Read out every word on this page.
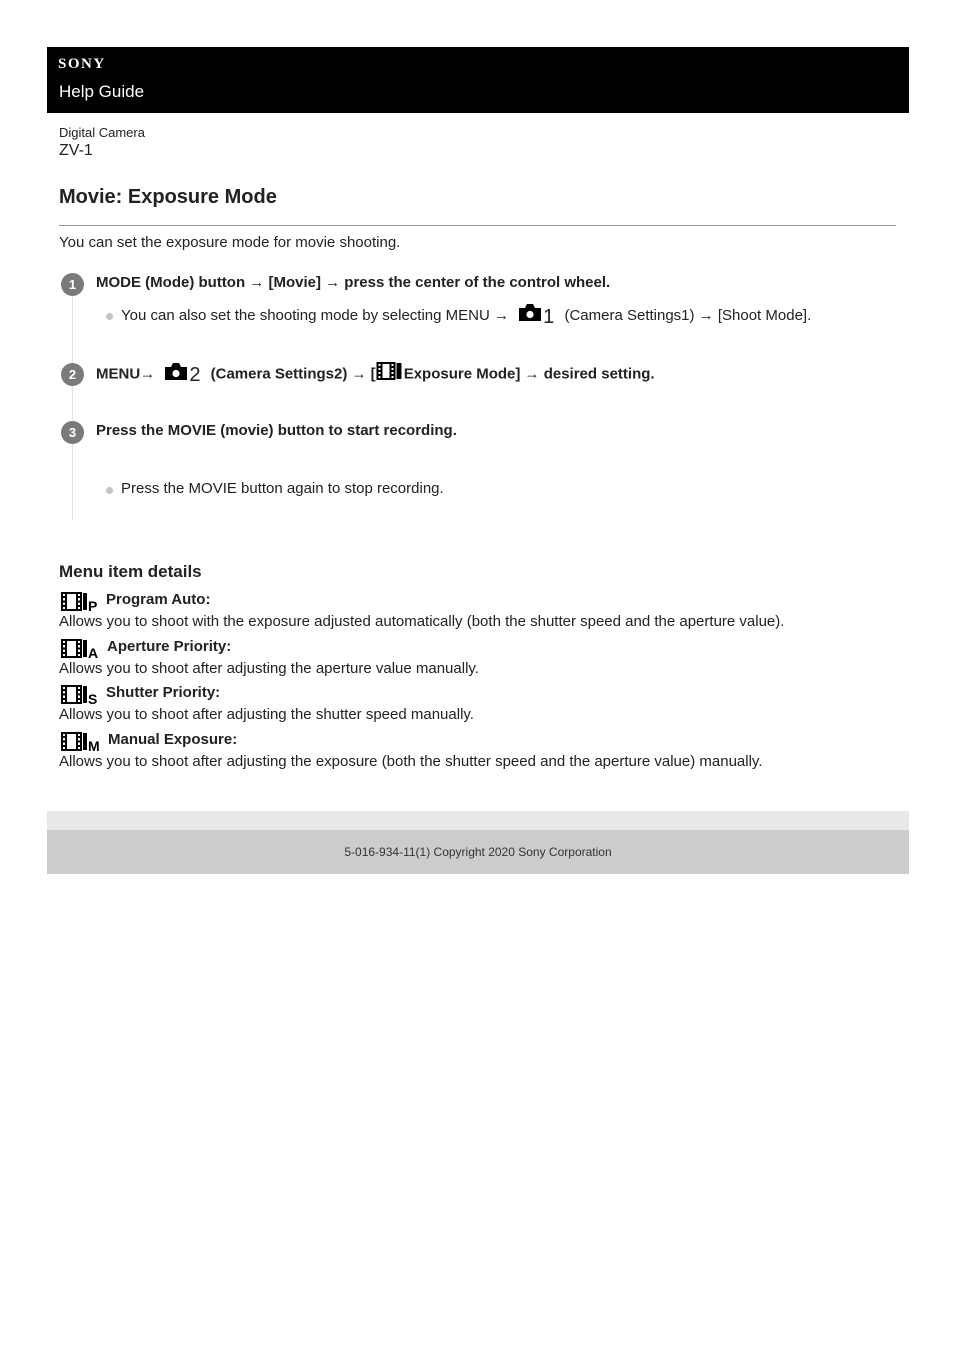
SONY
Help Guide
Digital Camera
ZV-1
Movie: Exposure Mode
You can set the exposure mode for movie shooting.
1	MODE (Mode) button → [Movie] → press the center of the control wheel.
You can also set the shooting mode by selecting MENU → 1 (Camera Settings1) → [Shoot Mode].
2	MENU→ 2 (Camera Settings2) → [ Exposure Mode] → desired setting.
3	Press the MOVIE (movie) button to start recording.
Press the MOVIE button again to stop recording.
Menu item details
P Program Auto:
Allows you to shoot with the exposure adjusted automatically (both the shutter speed and the aperture value).
A Aperture Priority:
Allows you to shoot after adjusting the aperture value manually.
S Shutter Priority:
Allows you to shoot after adjusting the shutter speed manually.
M Manual Exposure:
Allows you to shoot after adjusting the exposure (both the shutter speed and the aperture value) manually.
5-016-934-11(1) Copyright 2020 Sony Corporation
